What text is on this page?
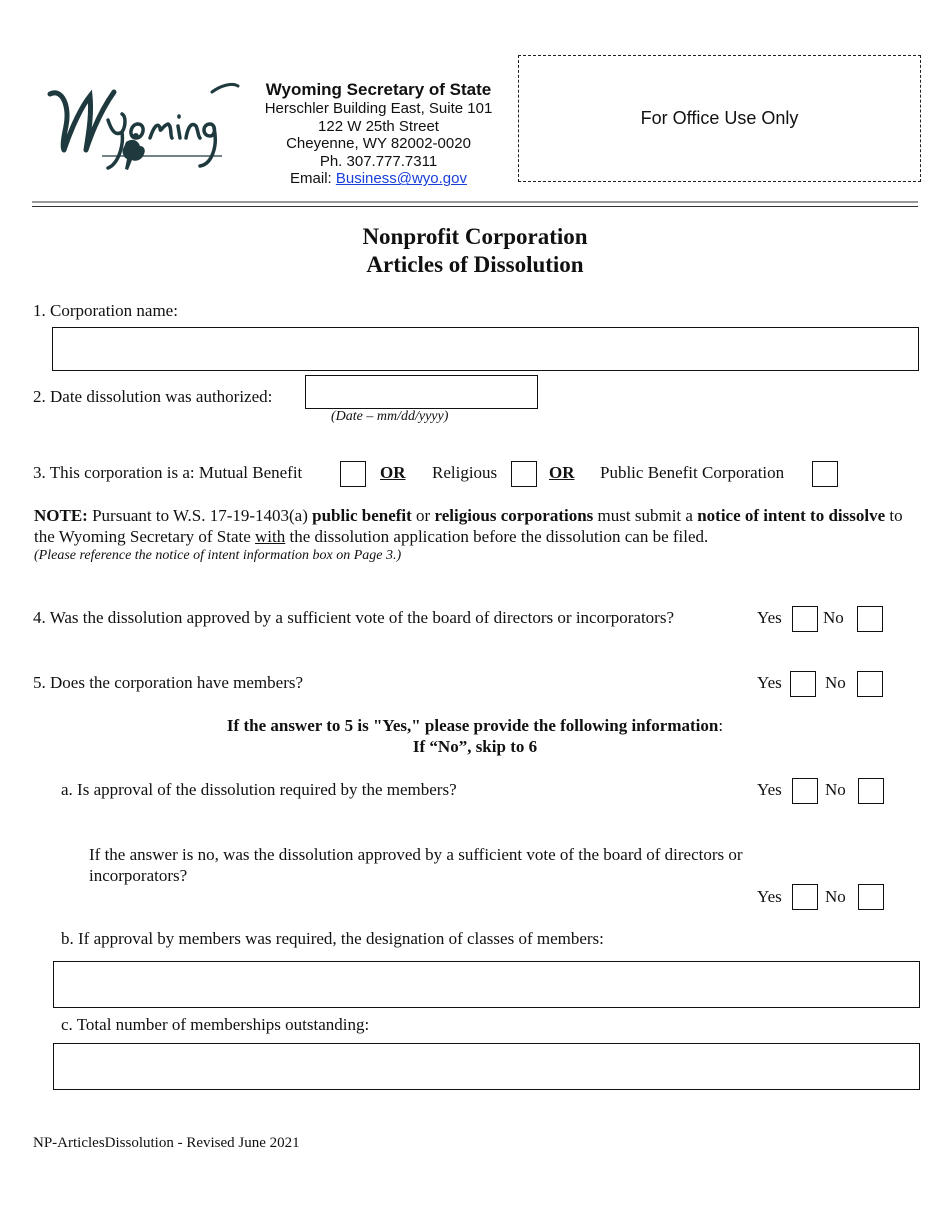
Wyoming Secretary of State
Herschler Building East, Suite 101
122 W 25th Street
Cheyenne, WY 82002-0020
Ph. 307.777.7311
Email: Business@wyo.gov
For Office Use Only
Nonprofit Corporation
Articles of Dissolution
1. Corporation name:
2. Date dissolution was authorized:
(Date – mm/dd/yyyy)
3. This corporation is a: Mutual Benefit	OR Religious	OR Public Benefit Corporation
NOTE: Pursuant to W.S. 17-19-1403(a) public benefit or religious corporations must submit a notice of intent to dissolve to the Wyoming Secretary of State with the dissolution application before the dissolution can be filed.
(Please reference the notice of intent information box on Page 3.)
4. Was the dissolution approved by a sufficient vote of the board of directors or incorporators?	Yes No
5. Does the corporation have members?	Yes	No
If the answer to 5 is "Yes," please provide the following information:
If “No”, skip to 6
a. Is approval of the dissolution required by the members?	Yes	No
If the answer is no, was the dissolution approved by a sufficient vote of the board of directors or incorporators?
Yes	No
b. If approval by members was required, the designation of classes of members:
c. Total number of memberships outstanding:
NP-ArticlesDissolution - Revised June 2021
